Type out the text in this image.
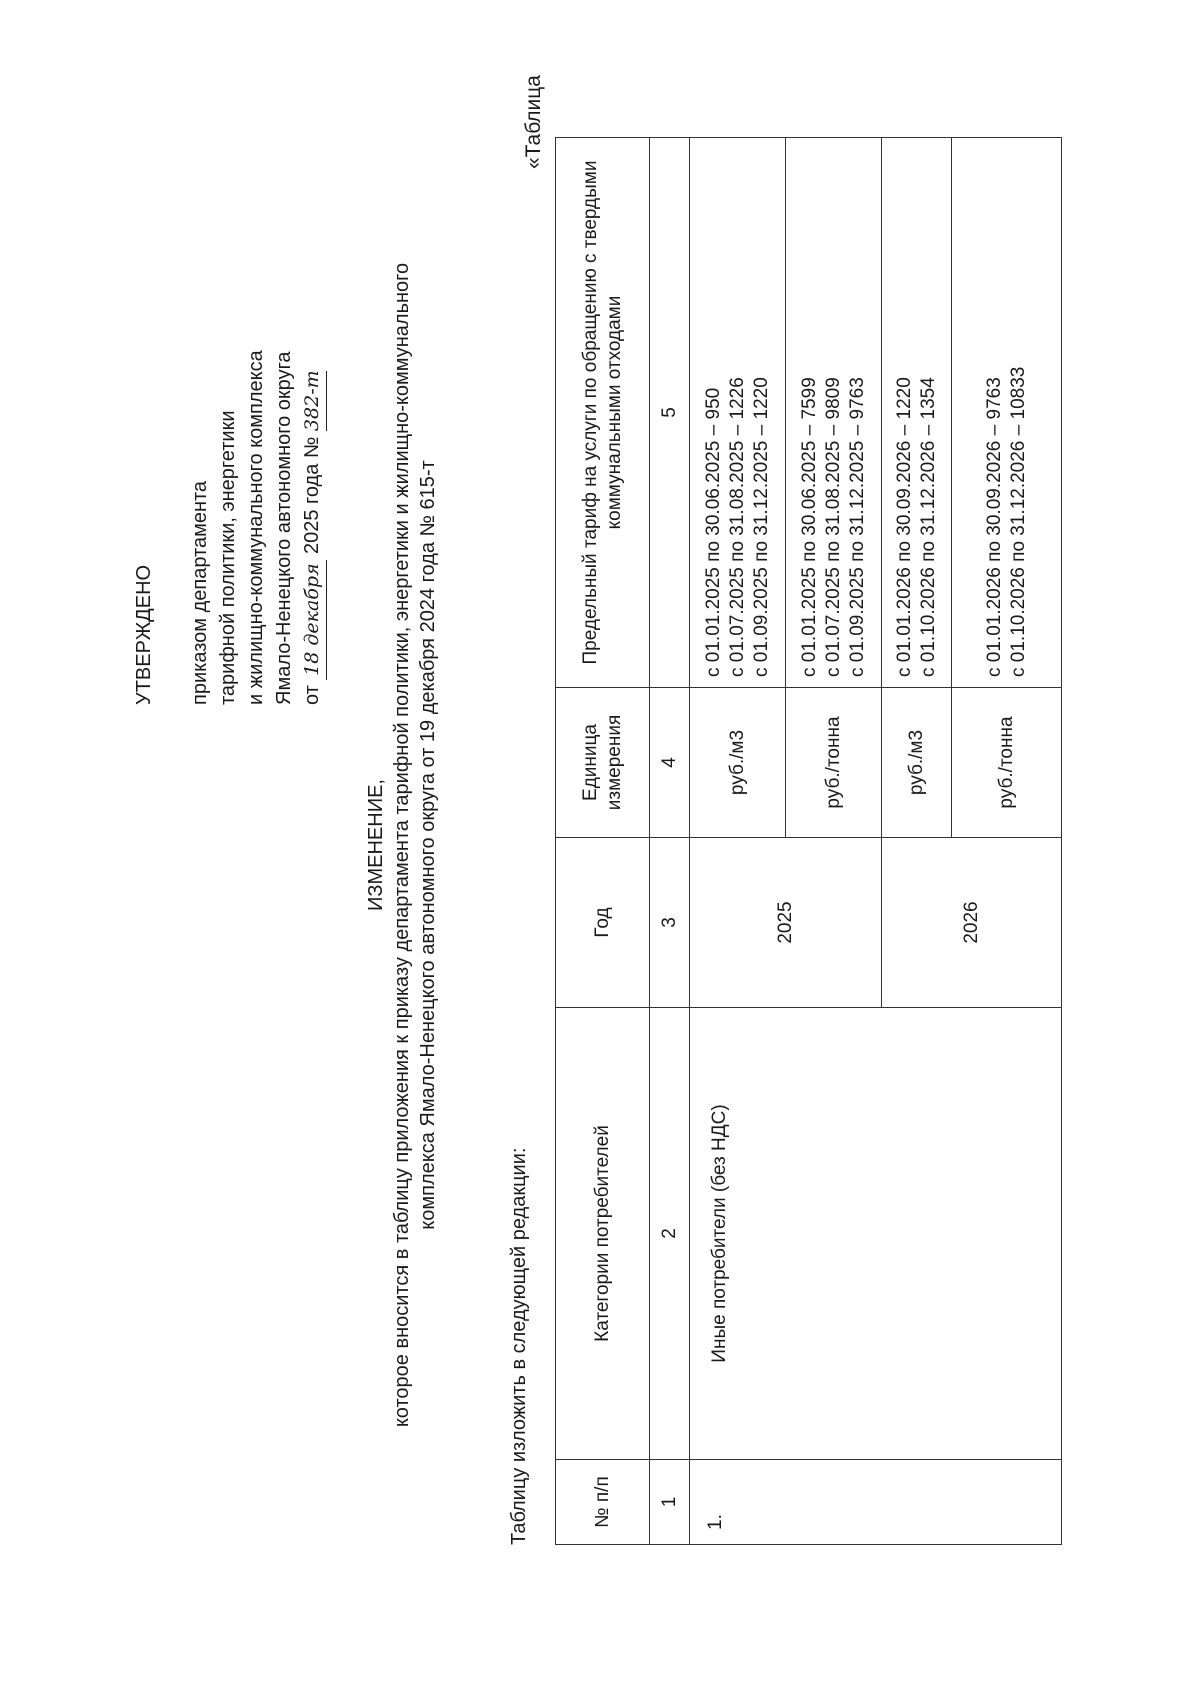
УТВЕРЖДЕНО приказом департамента тарифной политики, энергетики и жилищно-коммунального комплекса Ямало-Ненецкого автономного округа от 18 декабря 2025 года № 382-т
ИЗМЕНЕНИЕ, которое вносится в таблицу приложения к приказу департамента тарифной политики, энергетики и жилищно-коммунального комплекса Ямало-Ненецкого автономного округа от 19 декабря 2024 года № 615-т
Таблицу изложить в следующей редакции:
«Таблица
№ п/п	Категории потребителей	Год	Единица измерения	Предельный тариф на услуги по обращению с твердыми коммунальными отходами
1	2	3	4	5
1.	Иные потребители (без НДС)	2025	руб./м3	с 01.01.2025 по 30.06.2025 – 950 с 01.07.2025 по 31.08.2025 – 1226 с 01.09.2025 по 31.12.2025 – 1220

			руб./тонна	с 01.01.2025 по 30.06.2025 – 7599 с 01.07.2025 по 31.08.2025 – 9809 с 01.09.2025 по 31.12.2025 – 9763

		2026	руб./м3	с 01.01.2026 по 30.09.2026 – 1220 с 01.10.2026 по 31.12.2026 – 1354

			руб./тонна	с 01.01.2026 по 30.09.2026 – 9763 с 01.10.2026 по 31.12.2026 – 10833
